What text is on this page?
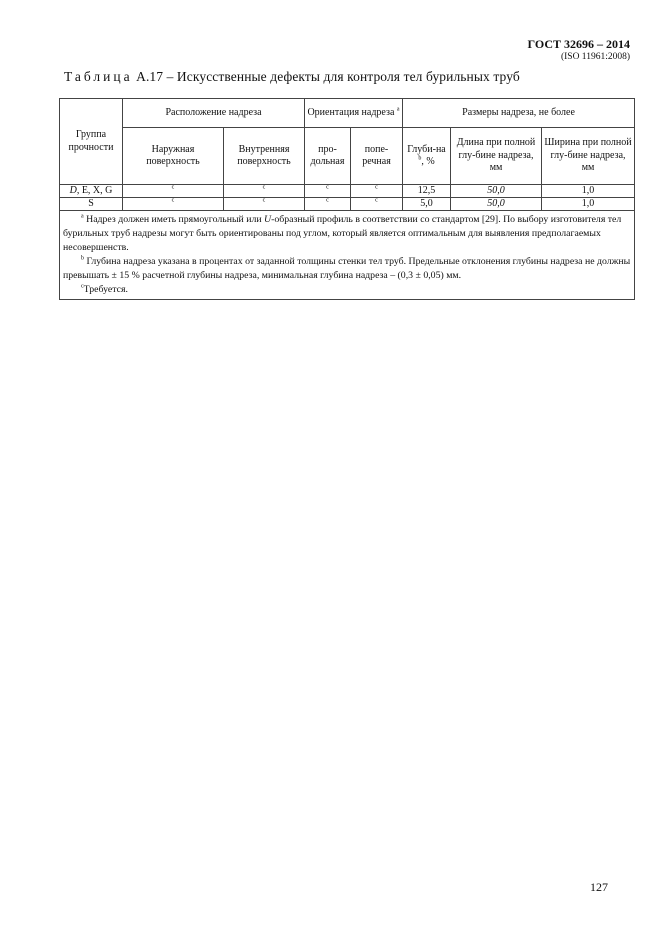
ГОСТ 32696 – 2014
(ISO 11961:2008)
Таблица А.17 – Искусственные дефекты для контроля тел бурильных труб
Группа прочности	Расположение надреза		Ориентация надреза $^a$		Размеры надреза, не более		
	Наружная поверхность	Внутренняя поверхность	про-дольная	попе-речная	Глуби-на $^b$, %	Длина при полной глу-бине надреза, мм	Ширина при полной глу-бине надреза, мм
D, E, X, G	$^c$	$^c$	$^c$	$^c$	12,5	50,0	1,0
S	$^c$	$^c$	$^c$	$^c$	5,0	50,0	1,0

$^a$ Надрез должен иметь прямоугольный или U-образный профиль в соответствии со стандартом [29]. По выбору изготовителя тел бурильных труб надрезы могут быть ориентированы под углом, который является оптимальным для выявления предполагаемых несовершенств.
$^b$ Глубина надреза указана в процентах от заданной толщины стенки тел труб. Предельные отклонения глубины надреза не должны превышать ± 15 % расчетной глубины надреза, минимальная глубина надреза – (0,3 ± 0,05) мм.
$^c$Требуется.							
127
